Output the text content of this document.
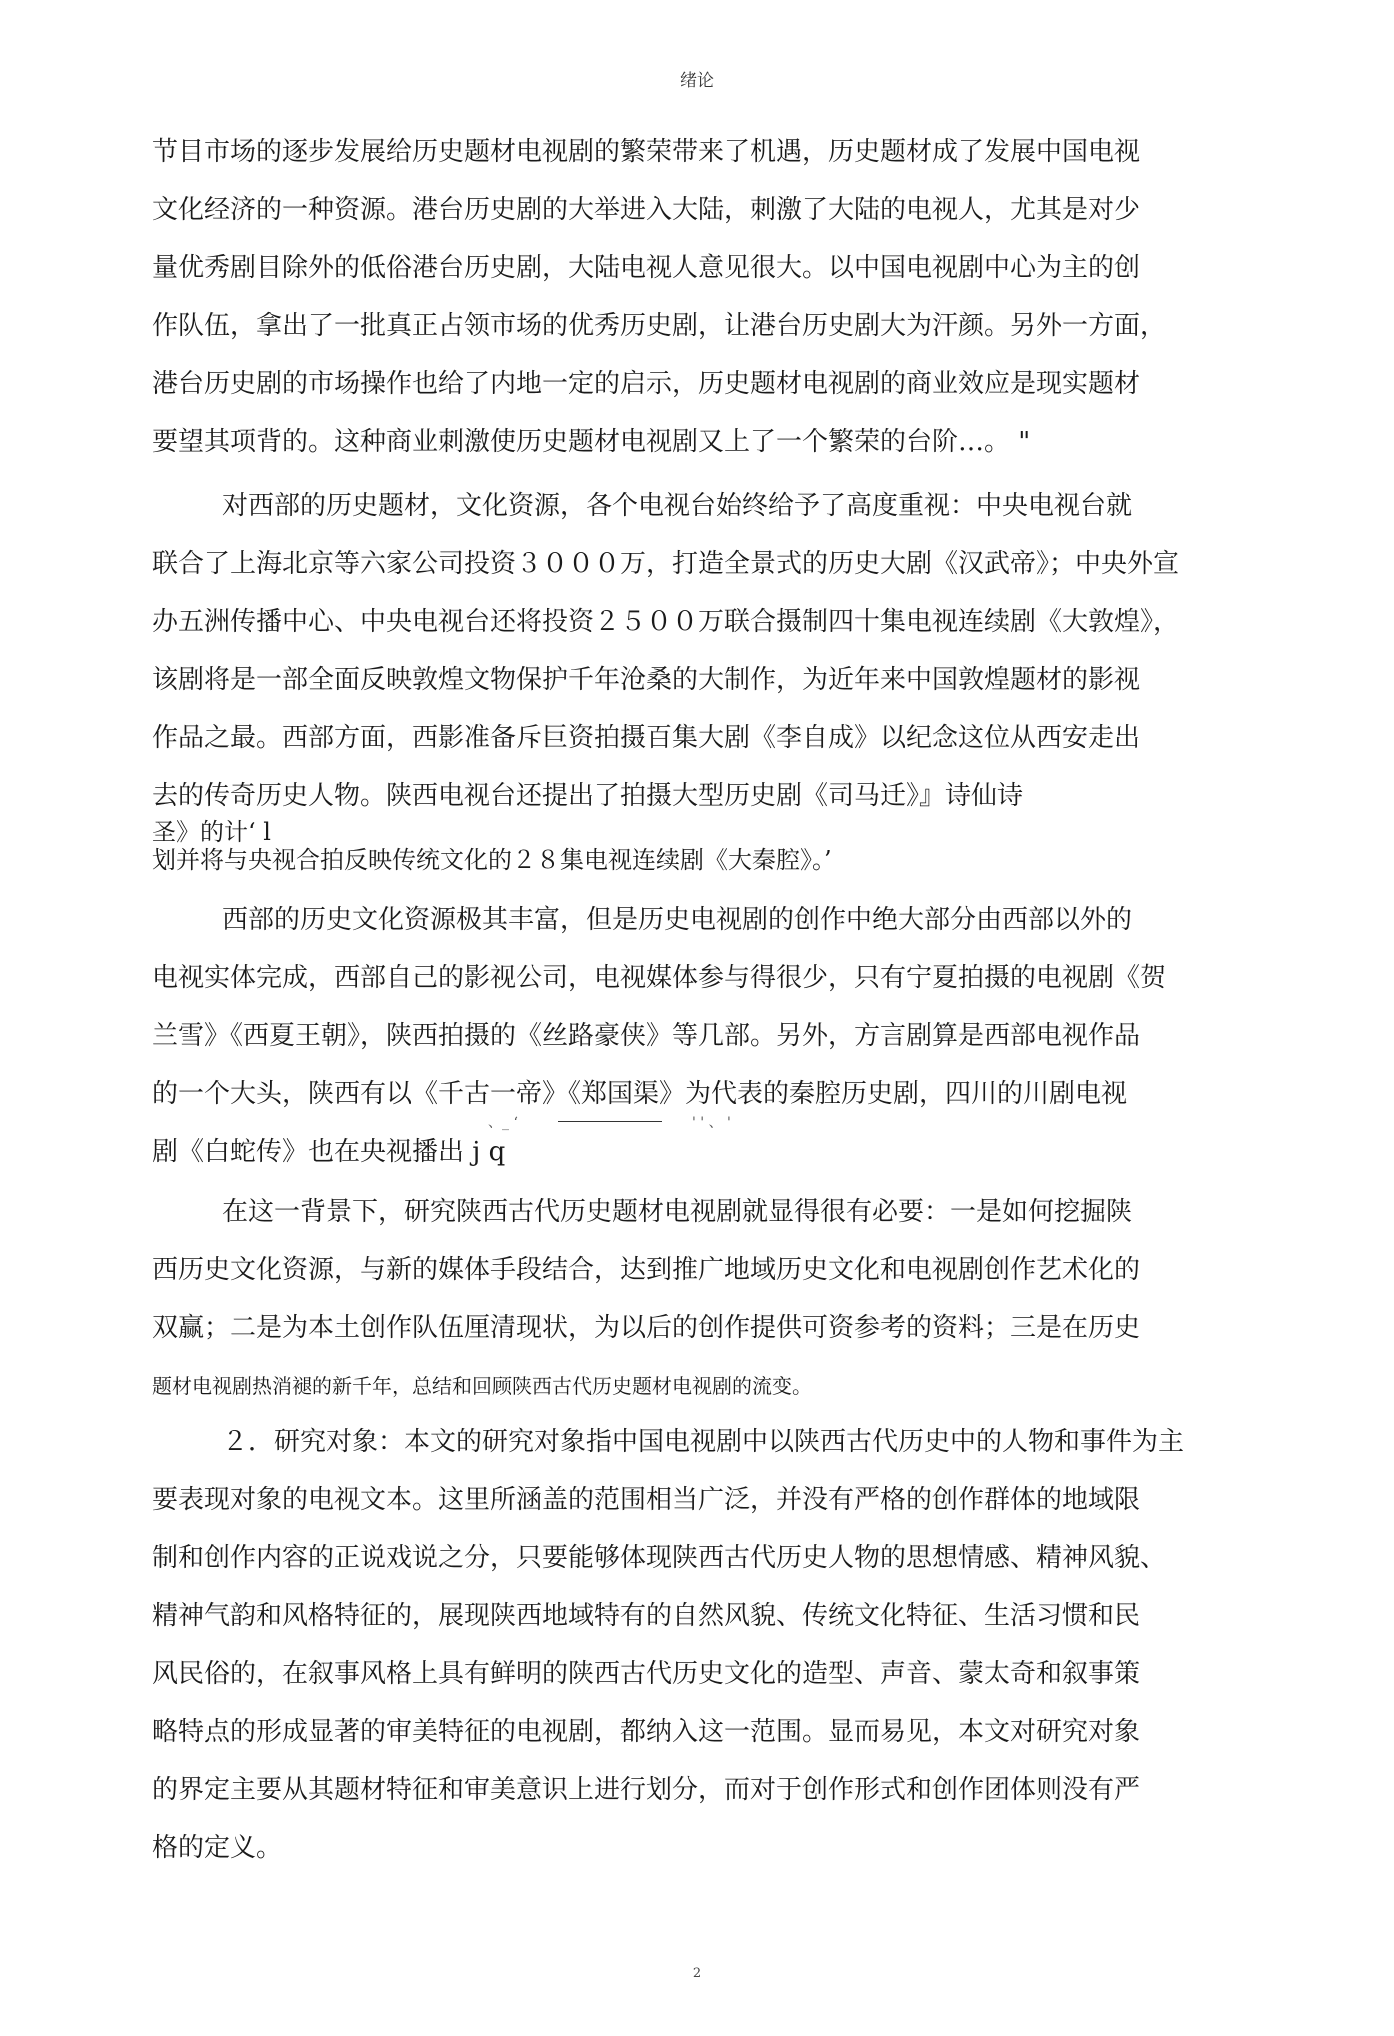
绪论
节目市场的逐步发展给历史题材电视剧的繁荣带来了机遇，历史题材成了发展中国电视
文化经济的一种资源。港台历史剧的大举进入大陆，刺激了大陆的电视人，尤其是对少
量优秀剧目除外的低俗港台历史剧，大陆电视人意见很大。以中国电视剧中心为主的创
作队伍，拿出了一批真正占领市场的优秀历史剧，让港台历史剧大为汗颜。另外一方面，
港台历史剧的市场操作也给了内地一定的启示，历史题材电视剧的商业效应是现实题材
要望其项背的。这种商业刺激使历史题材电视剧又上了一个繁荣的台阶…。 "
对西部的历史题材，文化资源，各个电视台始终给予了高度重视：中央电视台就
联合了上海北京等六家公司投资３０００万，打造全景式的历史大剧《汉武帝》；中央外宣
办五洲传播中心、中央电视台还将投资２５００万联合摄制四十集电视连续剧《大敦煌》，
该剧将是一部全面反映敦煌文物保护千年沧桑的大制作，为近年来中国敦煌题材的影视
作品之最。西部方面，西影准备斥巨资拍摄百集大剧《李自成》以纪念这位从西安走出
去的传奇历史人物。陕西电视台还提出了拍摄大型历史剧《司马迁》』诗仙诗
圣》的计‘ l
划并将与央视合拍反映传统文化的２８集电视连续剧《大秦腔》。’
西部的历史文化资源极其丰富，但是历史电视剧的创作中绝大部分由西部以外的
电视实体完成，西部自己的影视公司，电视媒体参与得很少，只有宁夏拍摄的电视剧《贺
兰雪》《西夏王朝》，陕西拍摄的《丝路豪侠》等几部。另外，方言剧算是西部电视作品
的一个大头，陕西有以《千古一帝》《郑国渠》为代表的秦腔历史剧，四川的川剧电视
、_ ‘	' ' 、 '
剧《白蛇传》也在央视播出 j q
在这一背景下，研究陕西古代历史题材电视剧就显得很有必要：一是如何挖掘陕
西历史文化资源，与新的媒体手段结合，达到推广地域历史文化和电视剧创作艺术化的
双赢；二是为本土创作队伍厘清现状，为以后的创作提供可资参考的资料；三是在历史
题材电视剧热消褪的新千年，总结和回顾陕西古代历史题材电视剧的流变。
２．研究对象：本文的研究对象指中国电视剧中以陕西古代历史中的人物和事件为主
要表现对象的电视文本。这里所涵盖的范围相当广泛，并没有严格的创作群体的地域限
制和创作内容的正说戏说之分，只要能够体现陕西古代历史人物的思想情感、精神风貌、
精神气韵和风格特征的，展现陕西地域特有的自然风貌、传统文化特征、生活习惯和民
风民俗的，在叙事风格上具有鲜明的陕西古代历史文化的造型、声音、蒙太奇和叙事策
略特点的形成显著的审美特征的电视剧，都纳入这一范围。显而易见，本文对研究对象
的界定主要从其题材特征和审美意识上进行划分，而对于创作形式和创作团体则没有严
格的定义。
2
